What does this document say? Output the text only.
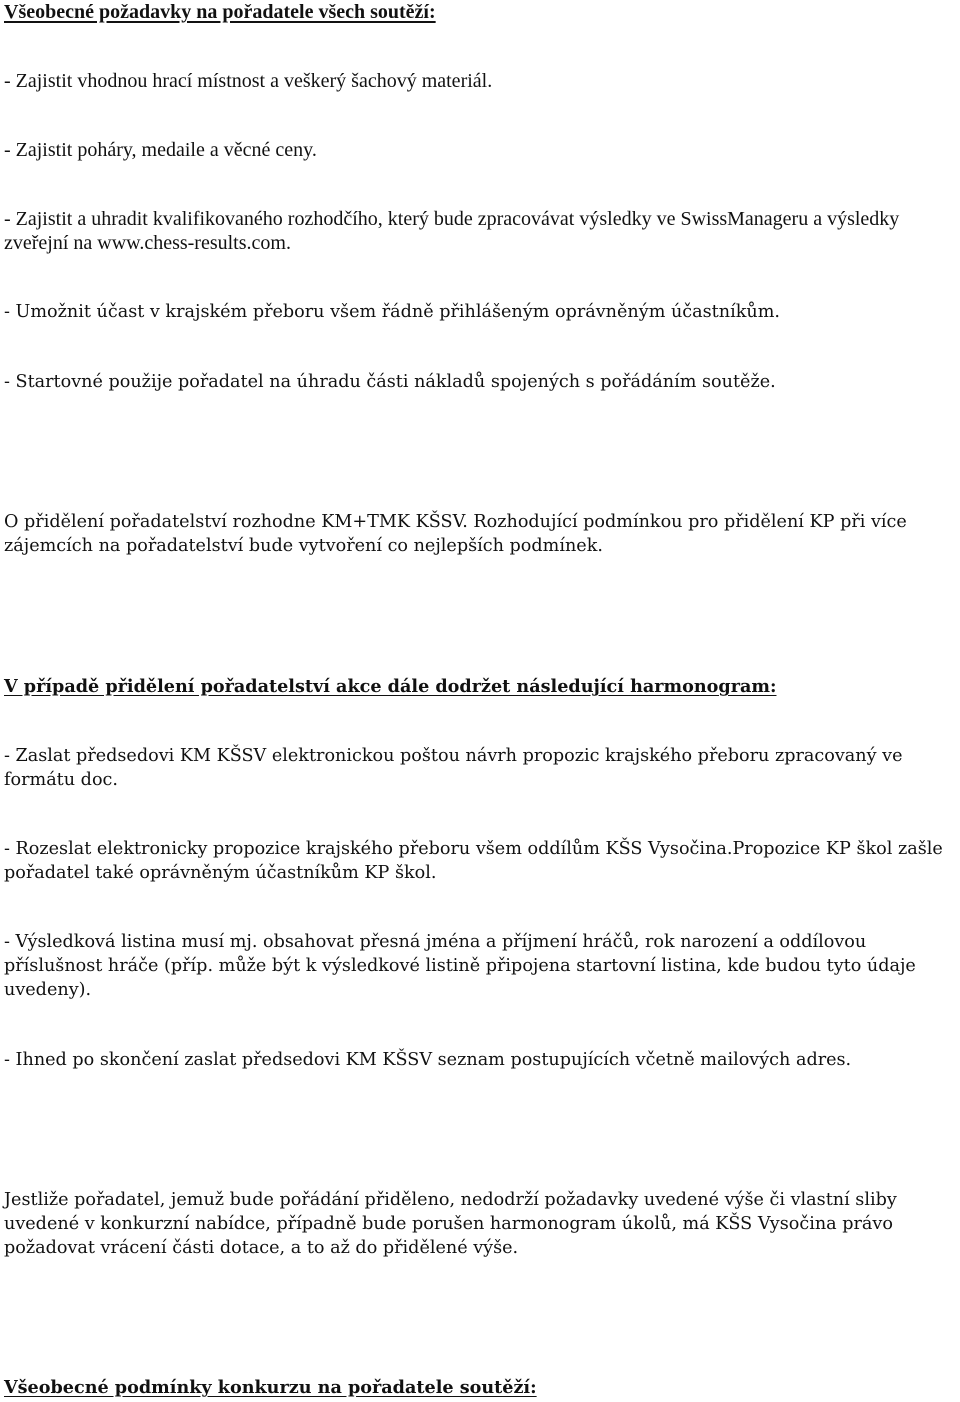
Všeobecné požadavky na pořadatele všech soutěží:

- Zajistit vhodnou hrací místnost a veškerý šachový materiál.

- Zajistit poháry, medaile a věcné ceny.

- Zajistit a uhradit kvalifikovaného rozhodčího, který bude zpracovávat výsledky ve SwissManageru a výsledky zveřejní na www.chess-results.com.

- Umožnit účast v krajském přeboru všem řádně přihlášeným oprávněným účastníkům.

- Startovné použije pořadatel na úhradu části nákladů spojených s pořádáním soutěže.

O přidělení pořadatelství rozhodne KM+TMK KŠSV. Rozhodující podmínkou pro přidělení KP při více zájemcích na pořadatelství bude vytvoření co nejlepších podmínek.

V případě přidělení pořadatelství akce dále dodržet následující harmonogram:

- Zaslat předsedovi KM KŠSV elektronickou poštou návrh propozic krajského přeboru zpracovaný ve formátu doc.

- Rozeslat elektronicky propozice krajského přeboru všem oddílům KŠS Vysočina.Propozice KP škol zašle pořadatel také oprávněným účastníkům KP škol.

- Výsledková listina musí mj. obsahovat přesná jména a příjmení hráčů, rok narození a oddílovou příslušnost hráče (příp. může být k výsledkové listině připojena startovní listina, kde budou tyto údaje uvedeny).

- Ihned po skončení zaslat předsedovi KM KŠSV seznam postupujících včetně mailových adres.

Jestliže pořadatel, jemuž bude pořádání přiděleno, nedodrží požadavky uvedené výše či vlastní sliby uvedené v konkurzní nabídce, případně bude porušen harmonogram úkolů, má KŠS Vysočina právo požadovat vrácení části dotace, a to až do přidělené výše.

Všeobecné podmínky konkurzu na pořadatele soutěží:
